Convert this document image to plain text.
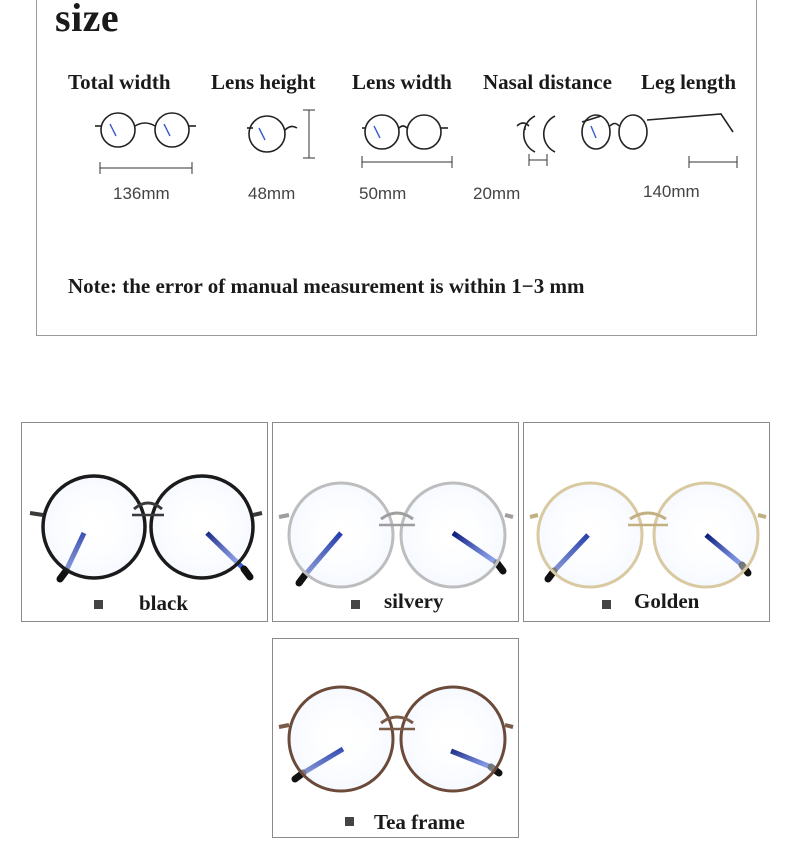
size
Total width
136mm
Lens height
48mm
Lens width
50mm
Nasal distance
20mm
Leg length
140mm

Note: the error of manual measurement is within 1−3 mm

black	silvery	Golden
Tea frame
